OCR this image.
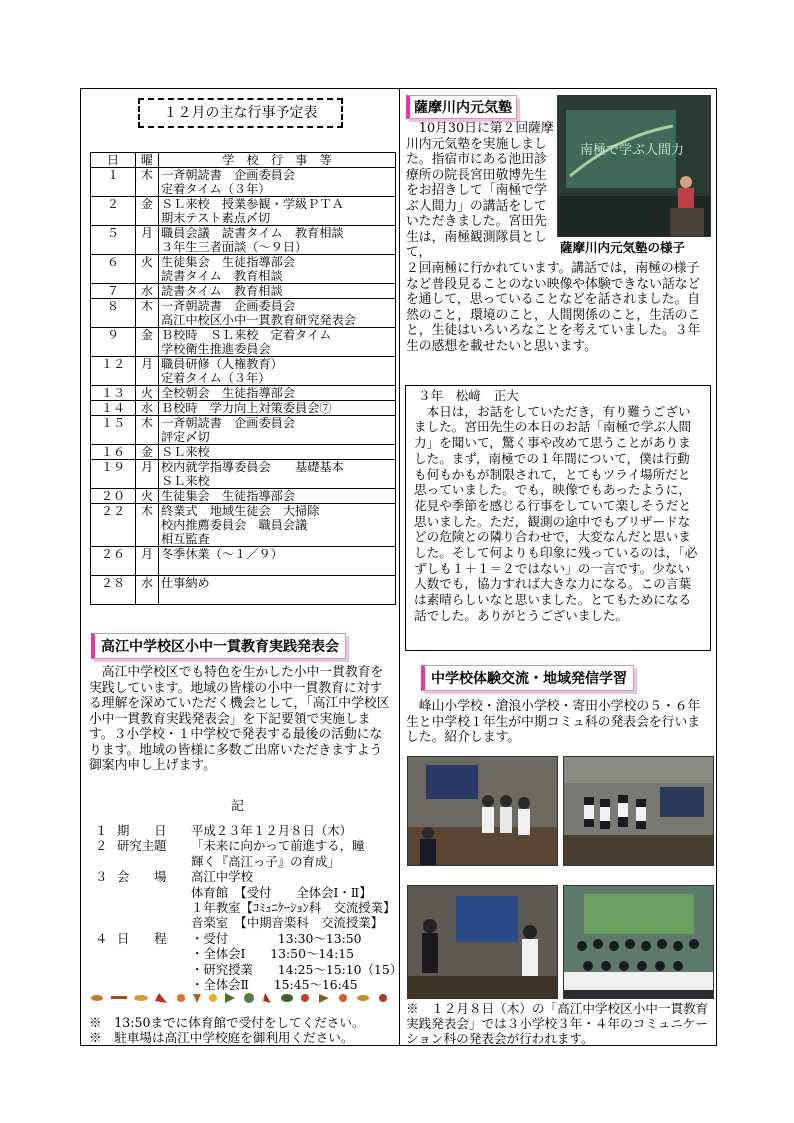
１２月の主な行事予定表
日	曜	学　校　行　事　等
１	木	一斉朝読書　企画委員会
定着タイム（３年）

２	金	ＳＬ来校　授業参観・学級ＰＴＡ
期末テスト素点〆切

５	月	職員会議　読書タイム　教育相談
３年生三者面談（～９日）

６	火	生徒集会　生徒指導部会
読書タイム　教育相談

７	水	読書タイム　教育相談

８	木	一斉朝読書　企画委員会
高江中校区小中一貫教育研究発表会

９	金	Ｂ校時　ＳＬ来校　定着タイム
学校衛生推進委員会

１２	月	職員研修（人権教育）
定着タイム（３年）

１３	火	全校朝会　生徒指導部会

１４	水	Ｂ校時　学力向上対策委員会⑦

１５	木	一斉朝読書　企画委員会
評定〆切

１６	金	ＳＬ来校

１９	月	校内就学指導委員会　　基礎基本
ＳＬ来校

２０	火	生徒集会　生徒指導部会

２２	木	終業式　地域生徒会　大掃除
校内推薦委員会　職員会議
相互監査

２６	月	冬季休業（～１／９）

２８	水	仕事納め

高江中学校区小中一貫教育実践発表会
　高江中学校区でも特色を生かした小中一貫教育を実践しています。地域の皆様の小中一貫教育に対する理解を深めていただく機会として，「高江中学校区小中一貫教育実践発表会」を下記要領で実施します。３小学校・１中学校で発表する最後の活動になります。地域の皆様に多数ご出席いただきますよう御案内申し上げます。
記
１ 期　　日 平成２３年１２月８日（木）
２ 研究主題 「未来に向かって前進する，瞳
輝く『高江っ子』の育成」
３ 会　　場 高江中学校
体育館　【受付　　全体会Ⅰ・Ⅱ】
１年教室【ｺﾐｭﾆｹｰｼｮﾝ科　交流授業】
音楽室　【中期音楽科　交流授業】
４ 日　　程 ・受付　　　　13:30～13:50
・全体会Ⅰ　　13:50～14:15
・研究授業　　14:25～15:10（15）
・全体会Ⅱ　　15:45～16:45
※　13:50までに体育館で受付をしてください。
※　駐車場は高江中学校庭を御利用ください。
薩摩川内元気塾
南極で学ぶ人間力
　10月30日に第２回薩摩川内元気塾を実施しました。指宿市にある池田診療所の院長宮田敬博先生をお招きして「南極で学ぶ人間力」の講話をしていただきました。宮田先生は，南極観測隊員として，	薩摩川内元気塾の様子
２回南極に行かれています。講話では，南極の様子など普段見ることのない映像や体験できない話などを通して，思っていることなどを話されました。自然のこと，環境のこと，人間関係のこと，生活のこと，生徒はいろいろなことを考えていました。３年生の感想を載せたいと思います。
３年　松﨑　正大
　本日は，お話をしていただき，有り難うございました。宮田先生の本日のお話「南極で学ぶ人間力」を聞いて，驚く事や改めて思うことがありました。まず，南極での１年間について，僕は行動も何もかもが制限されて，とてもツライ場所だと思っていました。でも，映像でもあったように，花見や季節を感じる行事をしていて楽しそうだと思いました。ただ，観測の途中でもブリザードなどの危険との隣り合わせで，大変なんだと思いました。そして何よりも印象に残っているのは，「必ずしも１＋１＝２ではない」の一言です。少ない人数でも，協力すれば大きな力になる。この言葉は素晴らしいなと思いました。とてもためになる話でした。ありがとうございました。
中学校体験交流・地域発信学習
　峰山小学校・滄浪小学校・寄田小学校の５・６年生と中学校１年生が中期コミュ科の発表会を行いました。紹介します。
※　１２月８日（木）の「高江中学校区小中一貫教育実践発表会」では３小学校３年・４年のコミュニケーション科の発表会が行われます。
